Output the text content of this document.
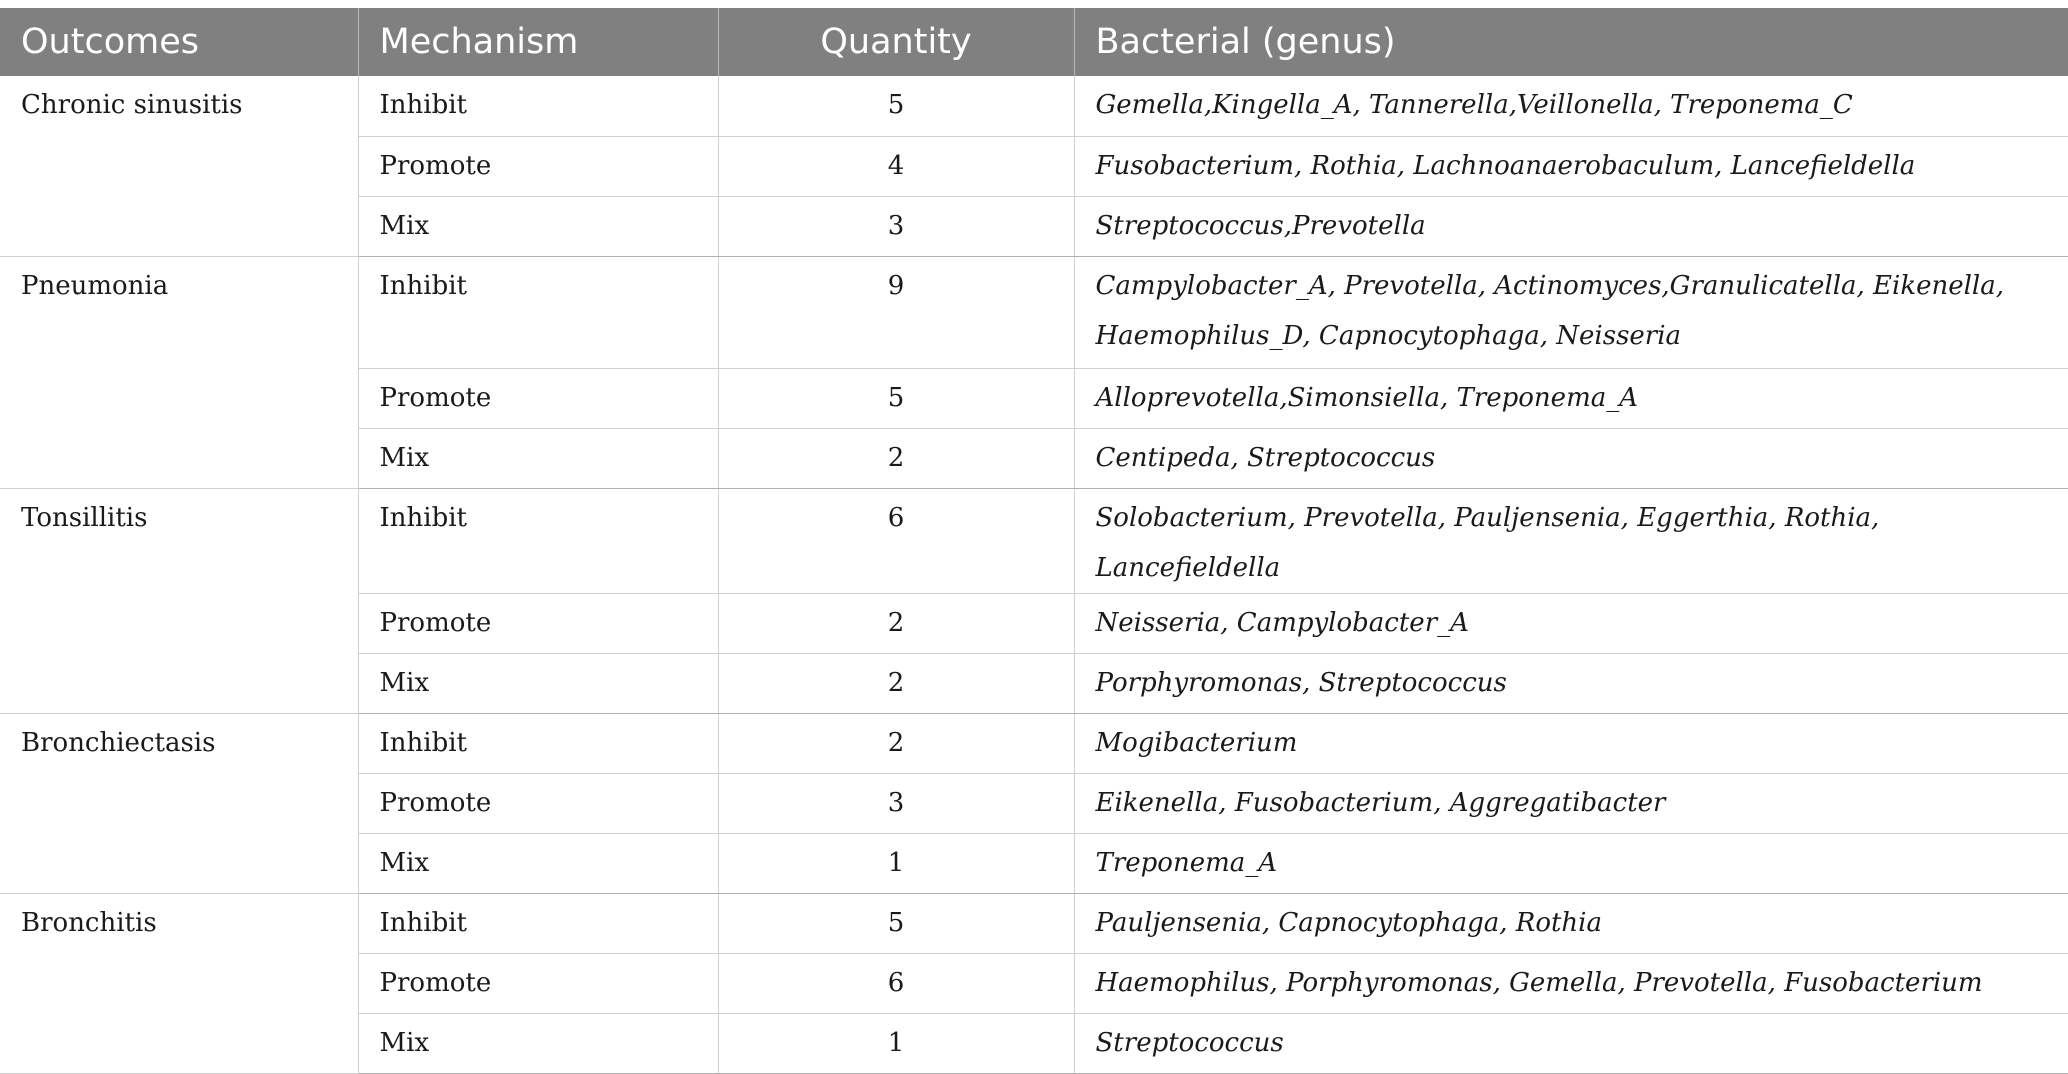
Outcomes	Mechanism	Quantity	Bacterial (genus)
Chronic sinusitis	Inhibit	5	Gemella,Kingella_A, Tannerella,Veillonella, Treponema_C
	Promote	4	Fusobacterium, Rothia, Lachnoanaerobaculum, Lancefieldella
	Mix	3	Streptococcus,Prevotella
Pneumonia	Inhibit	9	Campylobacter_A, Prevotella, Actinomyces,Granulicatella, Eikenella, Haemophilus_D, Capnocytophaga, Neisseria
	Promote	5	Alloprevotella,Simonsiella, Treponema_A
	Mix	2	Centipeda, Streptococcus
Tonsillitis	Inhibit	6	Solobacterium, Prevotella, Pauljensenia, Eggerthia, Rothia, Lancefieldella
	Promote	2	Neisseria, Campylobacter_A
	Mix	2	Porphyromonas, Streptococcus
Bronchiectasis	Inhibit	2	Mogibacterium
	Promote	3	Eikenella, Fusobacterium, Aggregatibacter
	Mix	1	Treponema_A
Bronchitis	Inhibit	5	Pauljensenia, Capnocytophaga, Rothia
	Promote	6	Haemophilus, Porphyromonas, Gemella, Prevotella, Fusobacterium
	Mix	1	Streptococcus
